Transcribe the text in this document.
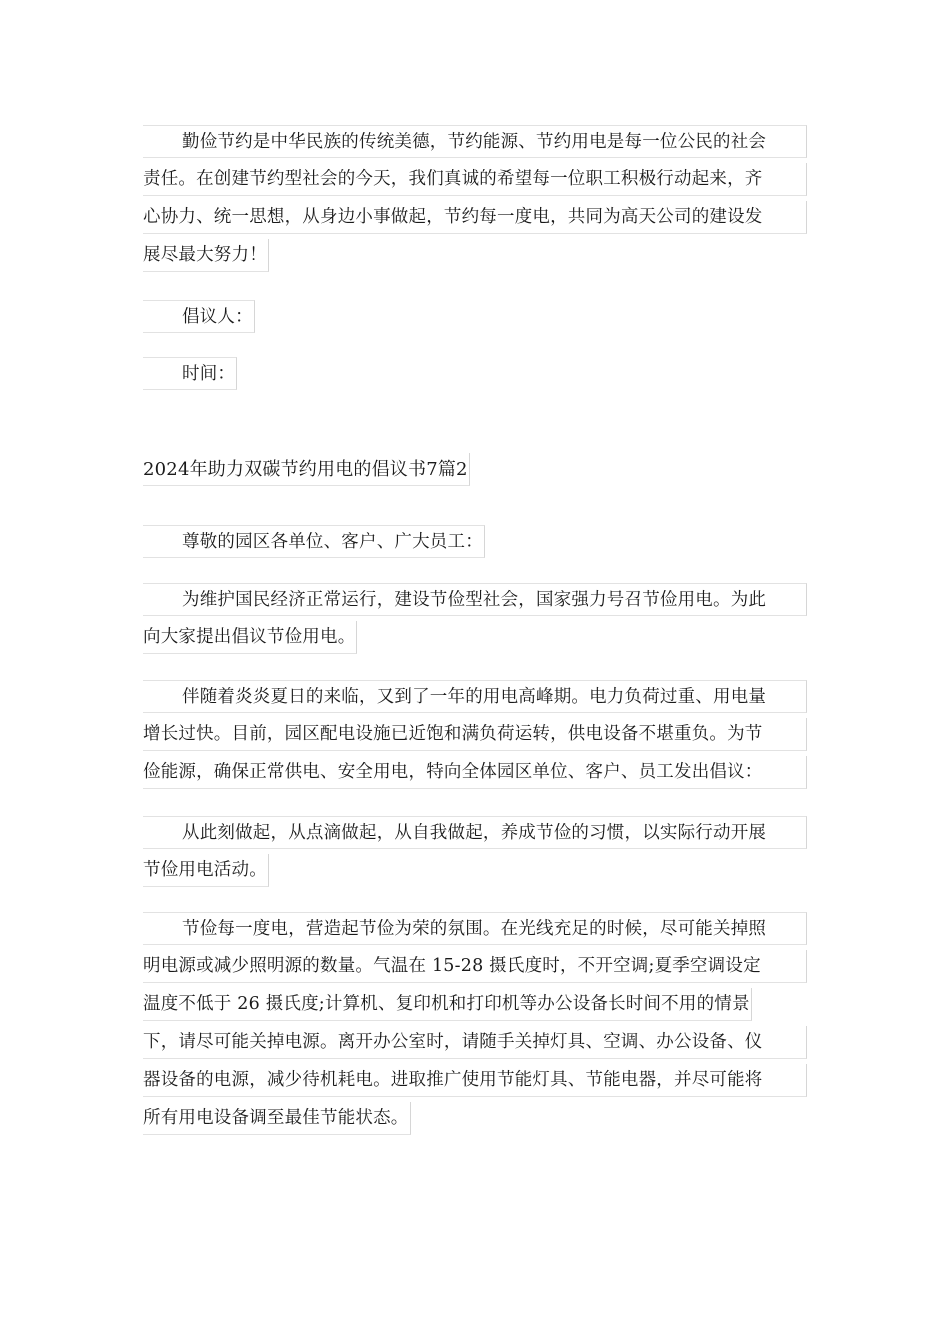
勤俭节约是中华民族的传统美德，节约能源、节约用电是每一位公民的社会
责任。在创建节约型社会的今天，我们真诚的希望每一位职工积极行动起来，齐
心协力、统一思想，从身边小事做起，节约每一度电，共同为高天公司的建设发
展尽最大努力！
倡议人：
时间：
2024年助力双碳节约用电的倡议书7篇2
尊敬的园区各单位、客户、广大员工：
为维护国民经济正常运行，建设节俭型社会，国家强力号召节俭用电。为此
向大家提出倡议节俭用电。
伴随着炎炎夏日的来临，又到了一年的用电高峰期。电力负荷过重、用电量
增长过快。目前，园区配电设施已近饱和满负荷运转，供电设备不堪重负。为节
俭能源，确保正常供电、安全用电，特向全体园区单位、客户、员工发出倡议：
从此刻做起，从点滴做起，从自我做起，养成节俭的习惯，以实际行动开展
节俭用电活动。
节俭每一度电，营造起节俭为荣的氛围。在光线充足的时候，尽可能关掉照
明电源或减少照明源的数量。气温在 15-28 摄氏度时，不开空调;夏季空调设定
温度不低于 26 摄氏度;计算机、复印机和打印机等办公设备长时间不用的情景
下，请尽可能关掉电源。离开办公室时，请随手关掉灯具、空调、办公设备、仪
器设备的电源，减少待机耗电。进取推广使用节能灯具、节能电器，并尽可能将
所有用电设备调至最佳节能状态。
